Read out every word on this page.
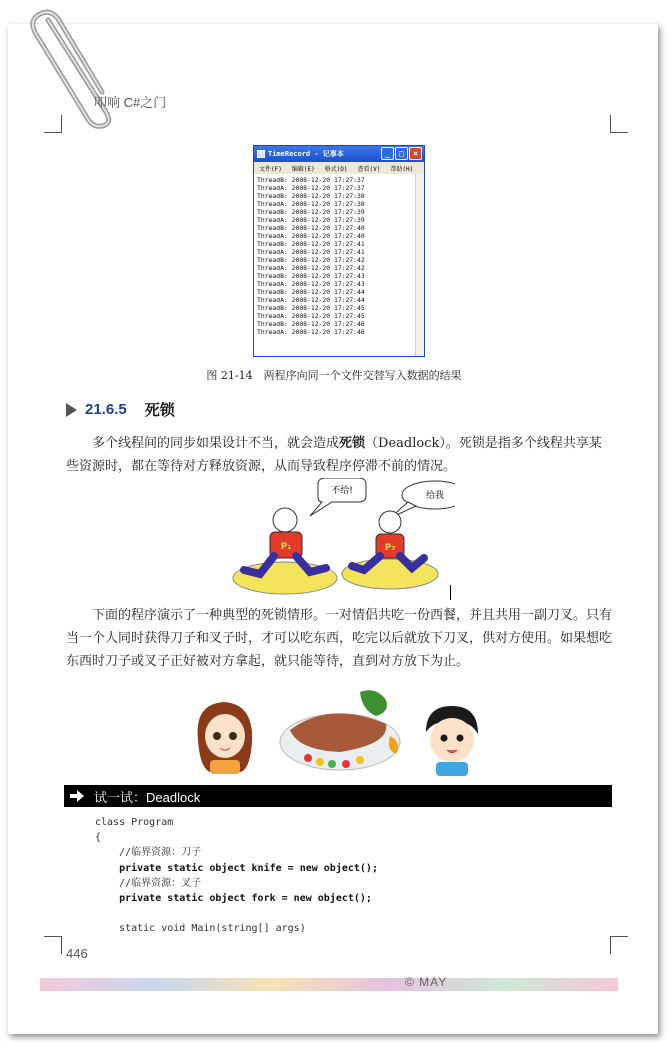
叩响 C#之门
TimeRecord - 记事本	_	□	×
文件(F) 编辑(E) 格式(O) 查看(V) 帮助(H)
ThreadB: 2008-12-20 17:27:37
ThreadA: 2008-12-20 17:27:37
ThreadB: 2008-12-20 17:27:38
ThreadA: 2008-12-20 17:27:38
ThreadB: 2008-12-20 17:27:39
ThreadA: 2008-12-20 17:27:39
ThreadB: 2008-12-20 17:27:40
ThreadA: 2008-12-20 17:27:40
ThreadB: 2008-12-20 17:27:41
ThreadA: 2008-12-20 17:27:41
ThreadB: 2008-12-20 17:27:42
ThreadA: 2008-12-20 17:27:42
ThreadB: 2008-12-20 17:27:43
ThreadA: 2008-12-20 17:27:43
ThreadB: 2008-12-20 17:27:44
ThreadA: 2008-12-20 17:27:44
ThreadB: 2008-12-20 17:27:45
ThreadA: 2008-12-20 17:27:45
ThreadB: 2008-12-20 17:27:46
ThreadA: 2008-12-20 17:27:46
图 21-14　两程序向同一个文件交替写入数据的结果
21.6.5 死锁

多个线程间的同步如果设计不当，就会造成死锁（Deadlock）。死锁是指多个线程共享某些资源时，都在等待对方释放资源，从而导致程序停滞不前的情况。

不给!	给我
P₁	P₂

下面的程序演示了一种典型的死锁情形。一对情侣共吃一份西餐，并且共用一副刀叉。只有当一个人同时获得刀子和叉子时，才可以吃东西，吃完以后就放下刀叉，供对方使用。如果想吃东西时刀子或叉子正好被对方拿起，就只能等待，直到对方放下为止。

试一试：Deadlock
class Program
{
//临界资源：刀子
private static object knife = new object();
//临界资源：叉子
private static object fork = new object();

static void Main(string[] args)
446
© MAY
